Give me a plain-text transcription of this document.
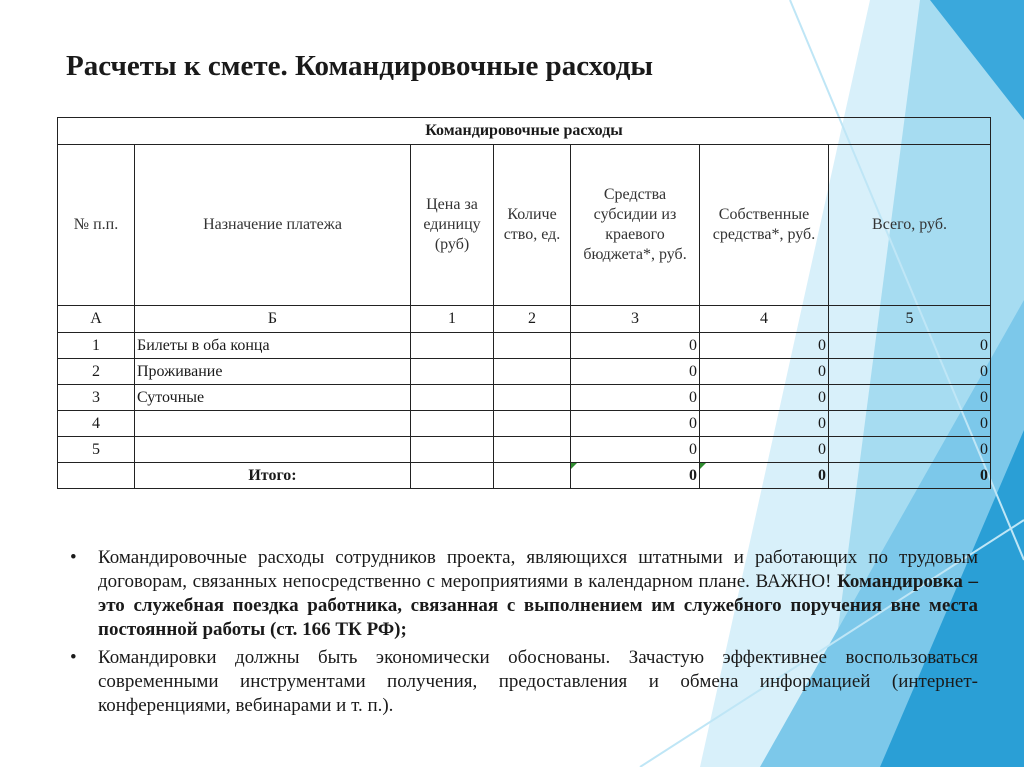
Расчеты к смете. Командировочные расходы
Командировочные расходы						
№ п.п.	Назначение платежа	Цена за единицу (руб)	Количе ство, ед.	Средства субсидии из краевого бюджета*, руб.	Собственные средства*, руб.	Всего, руб.
А	Б	1	2	3	4	5
1	Билеты в оба конца			0	0	0
2	Проживание			0	0	0
3	Суточные			0	0	0
4				0	0	0
5				0	0	0
	Итого:			0	0	0
• Командировочные расходы сотрудников проекта, являющихся штатными и работающих по трудовым договорам, связанных непосредственно с мероприятиями в календарном плане. ВАЖНО! Командировка – это служебная поездка работника, связанная с выполнением им служебного поручения вне места постоянной работы (ст. 166 ТК РФ);
• Командировки должны быть экономически обоснованы. Зачастую эффективнее воспользоваться современными инструментами получения, предоставления и обмена информацией (интернет-конференциями, вебинарами и т. п.).
